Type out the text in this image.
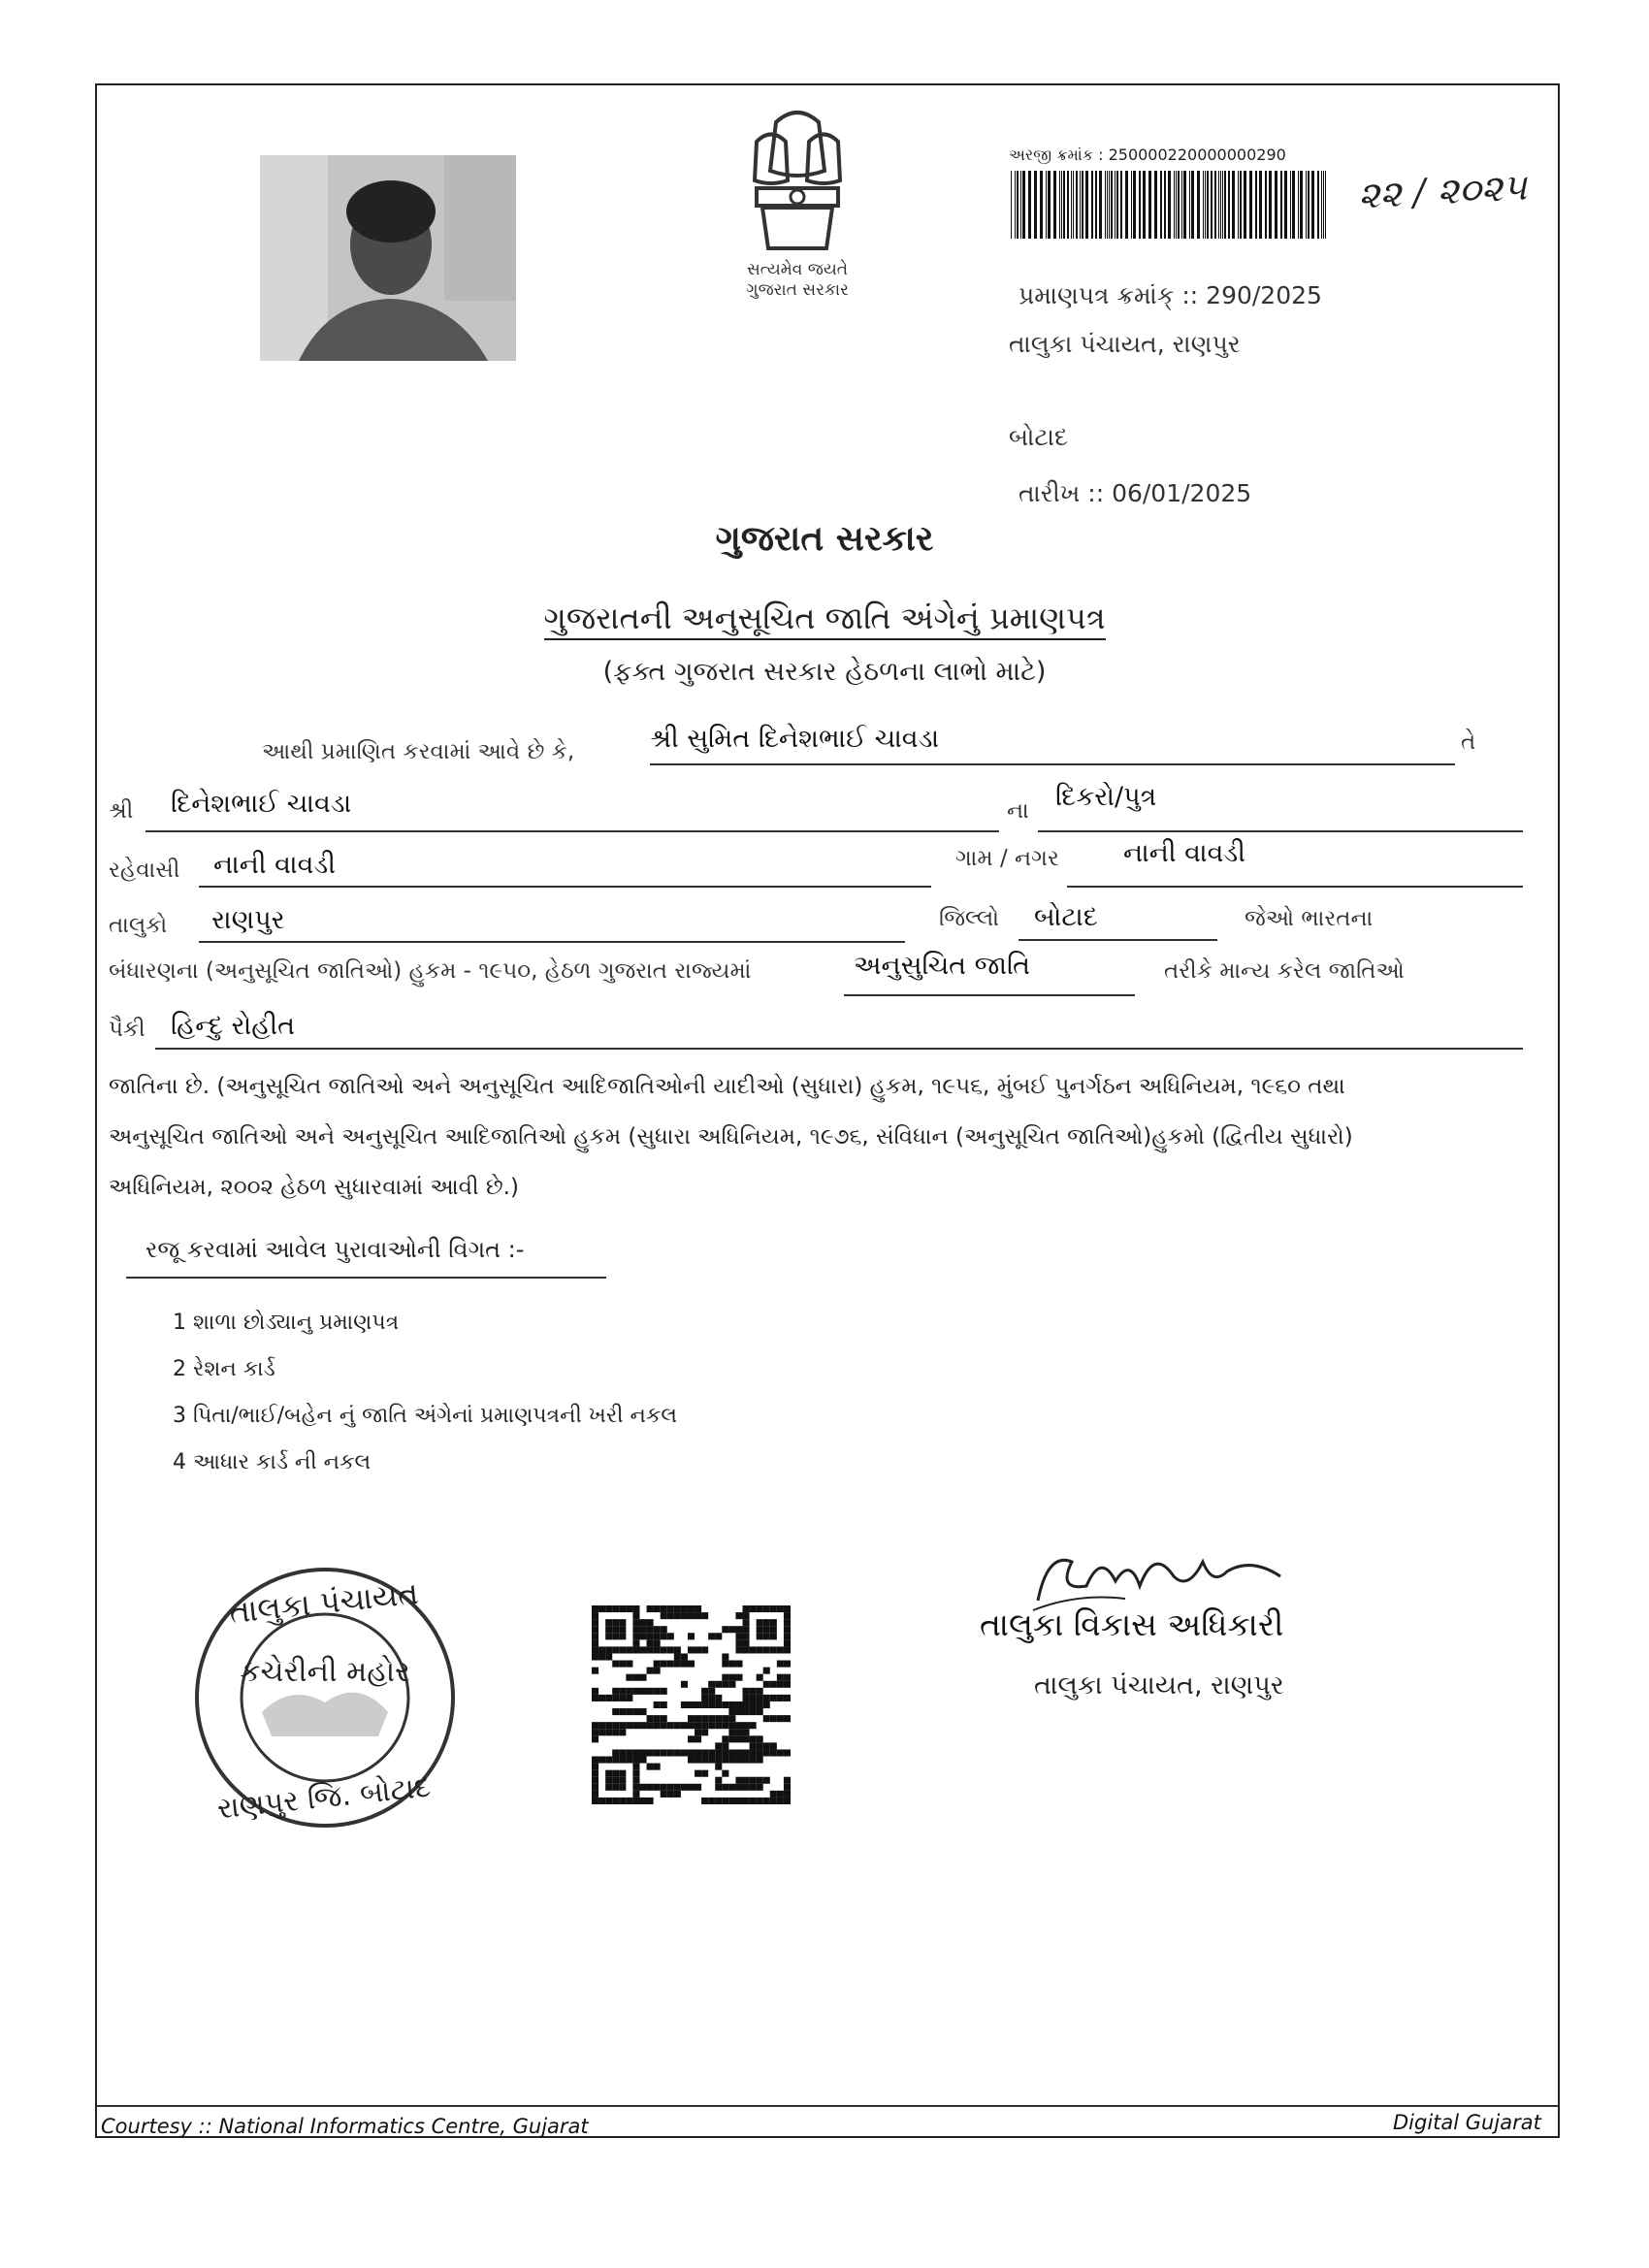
સત્યમેવ જયતે
ગુજરાત સરકાર
અરજી ક્રમાંક : 250000220000000290
૨૨ / ૨૦૨૫
પ્રમાણપત્ર ક્રમાંક્ :: 290/2025
તાલુકા પંચાયત, રાણપુર
બોટાદ
તારીખ :: 06/01/2025
ગુજરાત સરકાર
ગુજરાતની અનુસૂચિત જાતિ અંગેનું પ્રમાણપત્ર
(ફક્ત ગુજરાત સરકાર હેઠળના લાભો માટે)
આથી પ્રમાણિત કરવામાં આવે છે કે,	શ્રી સુમિત દિનેશભાઈ ચાવડા	તે
શ્રી દિનેશભાઈ ચાવડા	ના દિકરો/પુત્ર
રહેવાસી નાની વાવડી	ગામ / નગર નાની વાવડી
તાલુકો રાણપુર	જિલ્લો બોટાદ	જેઓ ભારતના
બંધારણના (અનુસૂચિત જાતિઓ) હુકમ - ૧૯૫૦, હેઠળ ગુજરાત રાજ્યમાં	અનુસુચિત જાતિ	તરીકે માન્ય કરેલ જાતિઓ
પૈકી હિન્દુ રોહીત
જાતિના છે. (અનુસૂચિત જાતિઓ અને અનુસૂચિત આદિજાતિઓની યાદીઓ (સુધારા) હુકમ, ૧૯૫૬, મુંબઈ પુનર્ગઠન અધિનિયમ, ૧૯૬૦ તથા
અનુસૂચિત જાતિઓ અને અનુસૂચિત આદિજાતિઓ હુકમ (સુધારા અધિનિયમ, ૧૯૭૬, સંવિધાન (અનુસૂચિત જાતિઓ)હુકમો (દ્વિતીય સુધારો)
અધિનિયમ, ૨૦૦૨ હેઠળ સુધારવામાં આવી છે.)
રજૂ કરવામાં આવેલ પુરાવાઓની વિગત :-
1 શાળા છોડ્યાનુ પ્રમાણપત્ર
2 રેશન કાર્ડ
3 પિતા/ભાઈ/બહેન નું જાતિ અંગેનાં પ્રમાણપત્રની ખરી નકલ
4 આધાર કાર્ડ ની નકલ
તાલુકા પંચાયત
કચેરીની મહોર
રાણપુર જિ. બોટાદ
તાલુકા વિકાસ અધિકારી
તાલુકા પંચાયત, રાણપુર
Courtesy :: National Informatics Centre, Gujarat	Digital Gujarat
